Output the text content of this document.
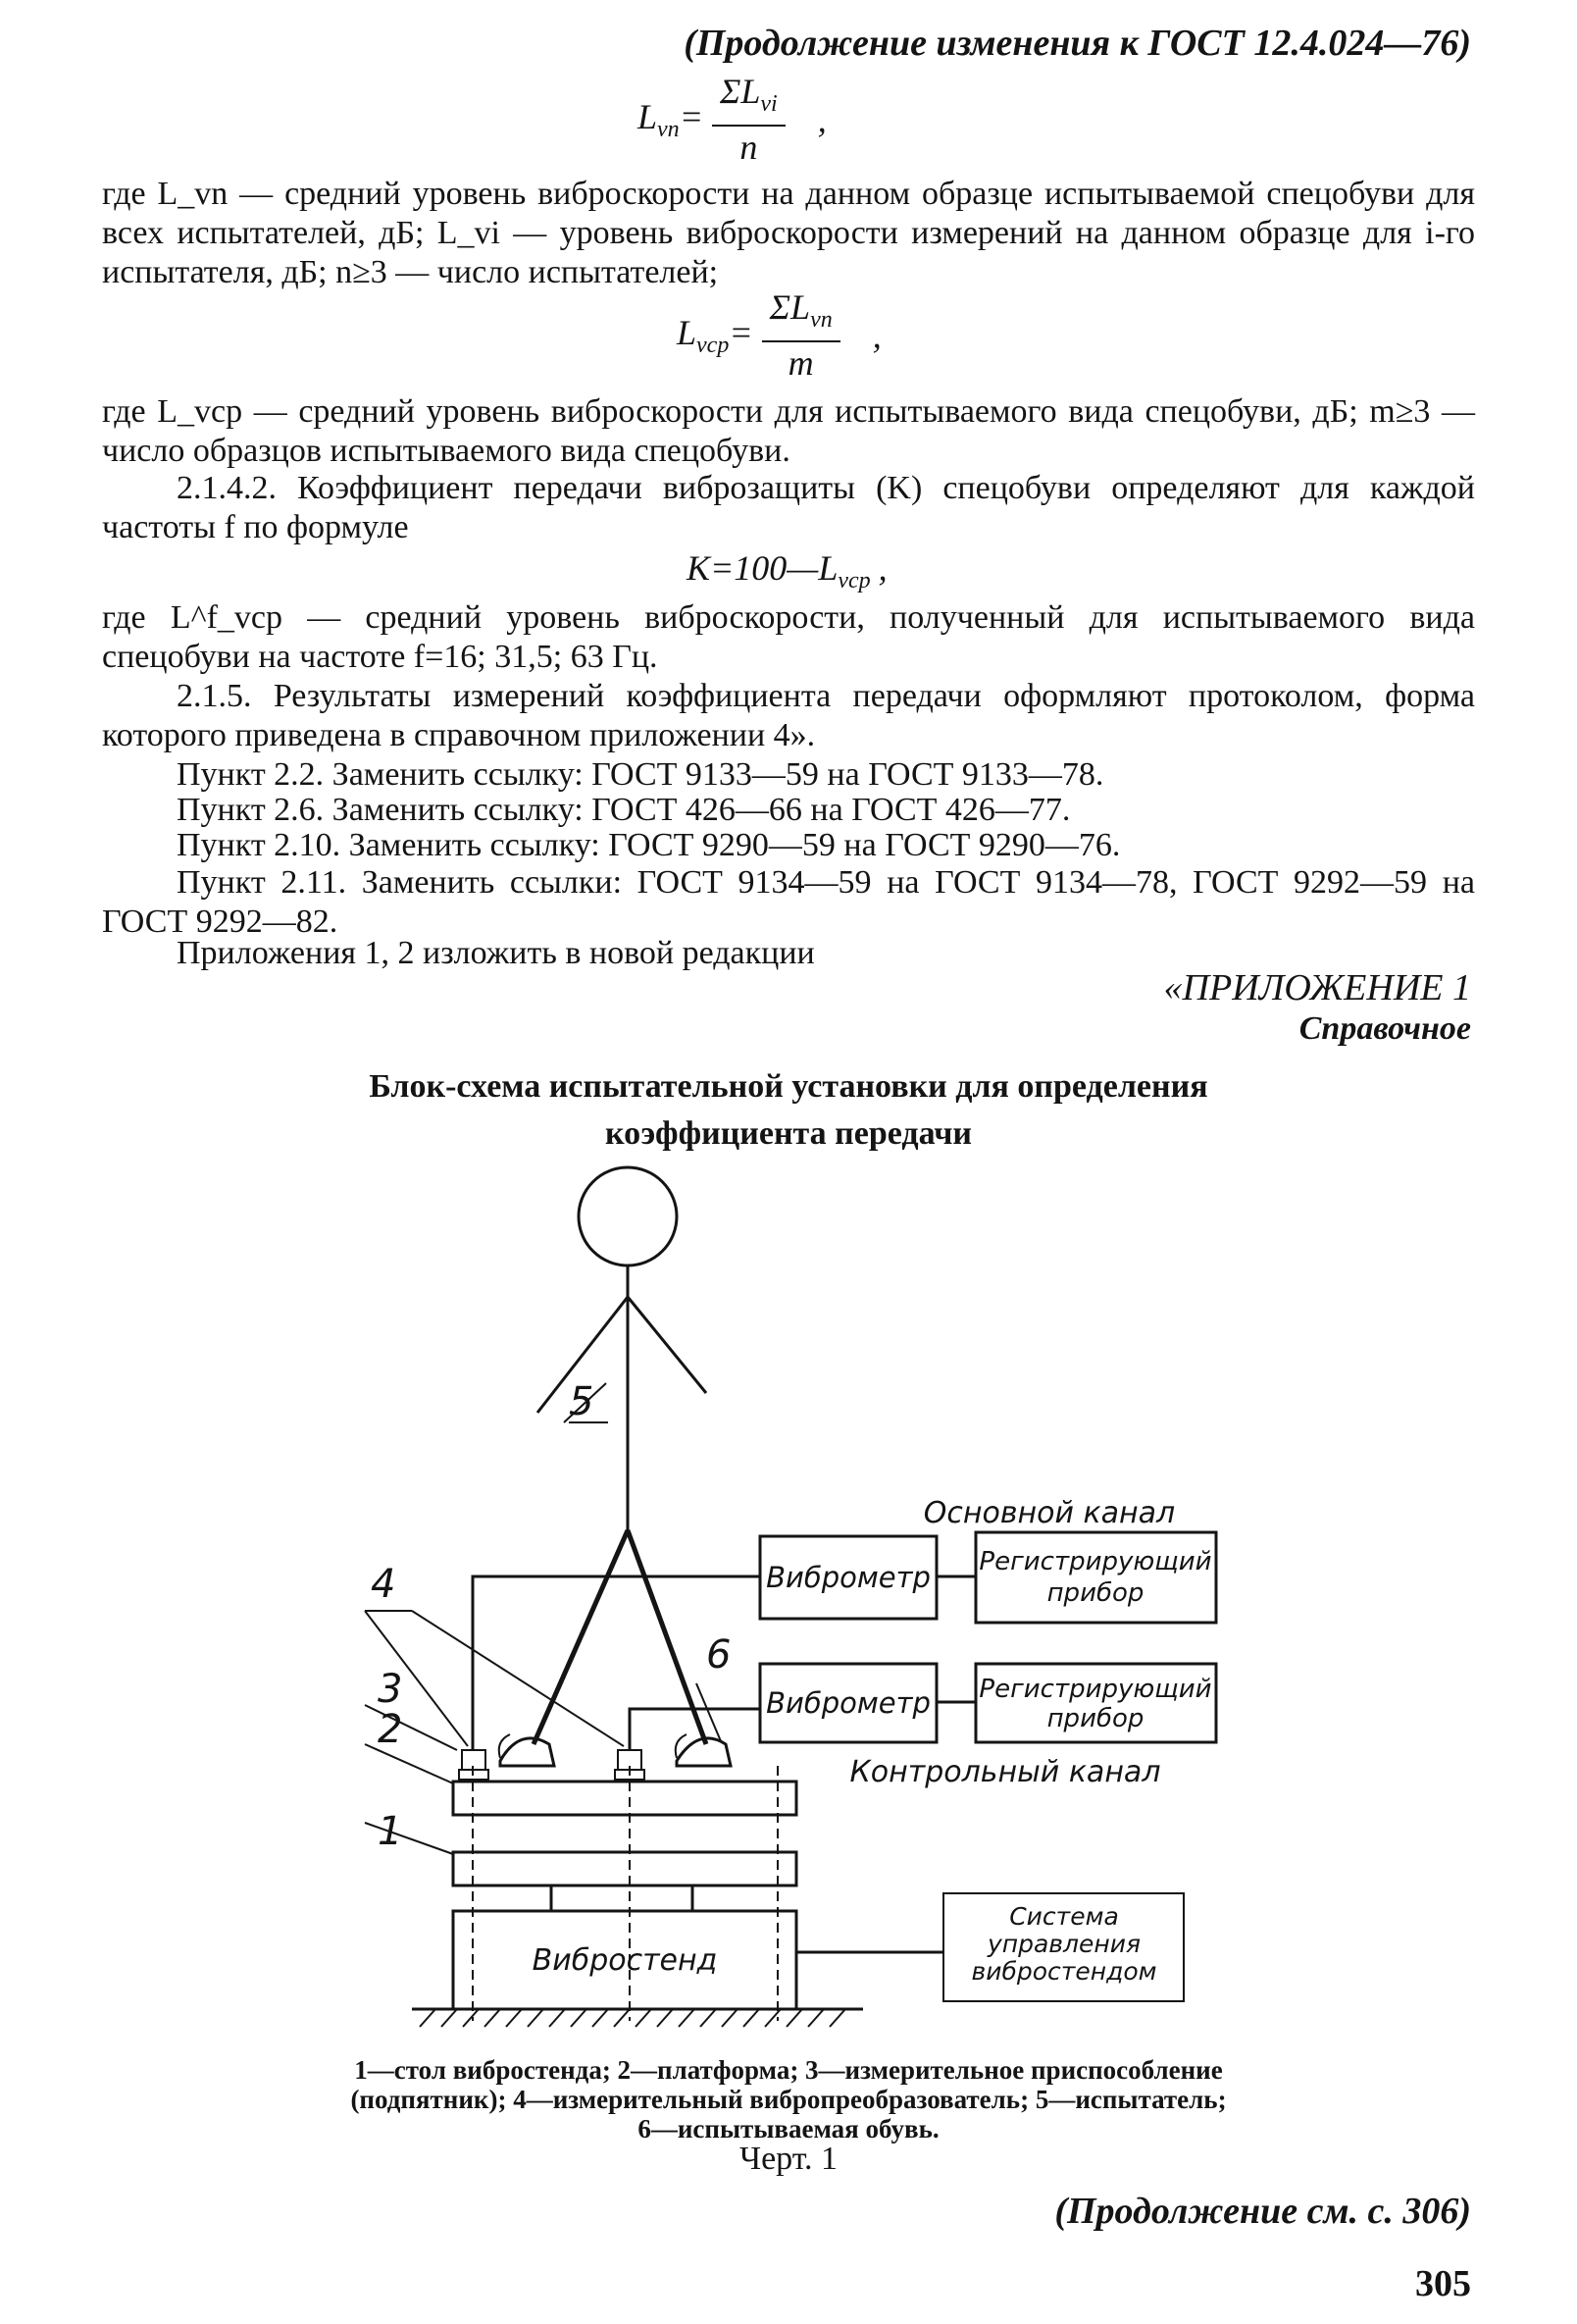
(Продолжение изменения к ГОСТ 12.4.024—76)
$L_{vn}= \frac{\Sigma L_{vi}}{n}$ ,
где L_vn — средний уровень виброскорости на данном образце испытываемой спецобуви для всех испытателей, дБ; L_vi — уровень виброскорости измерений на данном образце для i-го испытателя, дБ; n≥3 — число испытателей;
$L_{vср}= \frac{\Sigma L_{vn}}{m}$ ,
где L_vср — средний уровень виброскорости для испытываемого вида спецобуви, дБ; m≥3 — число образцов испытываемого вида спецобуви.
2.1.4.2. Коэффициент передачи виброзащиты (K) спецобуви определяют для каждой частоты f по формуле
$K=100—L_{vср}$ ,
где L^f_vср — средний уровень виброскорости, полученный для испытываемого вида спецобуви на частоте f=16; 31,5; 63 Гц.
2.1.5. Результаты измерений коэффициента передачи оформляют протоколом, форма которого приведена в справочном приложении 4».
Пункт 2.2. Заменить ссылку: ГОСТ 9133—59 на ГОСТ 9133—78.
Пункт 2.6. Заменить ссылку: ГОСТ 426—66 на ГОСТ 426—77.
Пункт 2.10. Заменить ссылку: ГОСТ 9290—59 на ГОСТ 9290—76.
Пункт 2.11. Заменить ссылки: ГОСТ 9134—59 на ГОСТ 9134—78, ГОСТ 9292—59 на ГОСТ 9292—82.
Приложения 1, 2 изложить в новой редакции
«ПРИЛОЖЕНИЕ 1
Справочное
Блок-схема испытательной установки для определения
коэффициента передачи
Основной канал
Контрольный канал
Виброметр
Виброметр
Регистрирующий
прибор
Регистрирующий
прибор
Вибростенд
Система
управления
вибростендом
1
2
3
4
5
6
1—стол вибростенда; 2—платформа; 3—измерительное приспособление
(подпятник); 4—измерительный вибропреобразователь; 5—испытатель;
6—испытываемая обувь.
Черт. 1
(Продолжение см. с. 306)
305
